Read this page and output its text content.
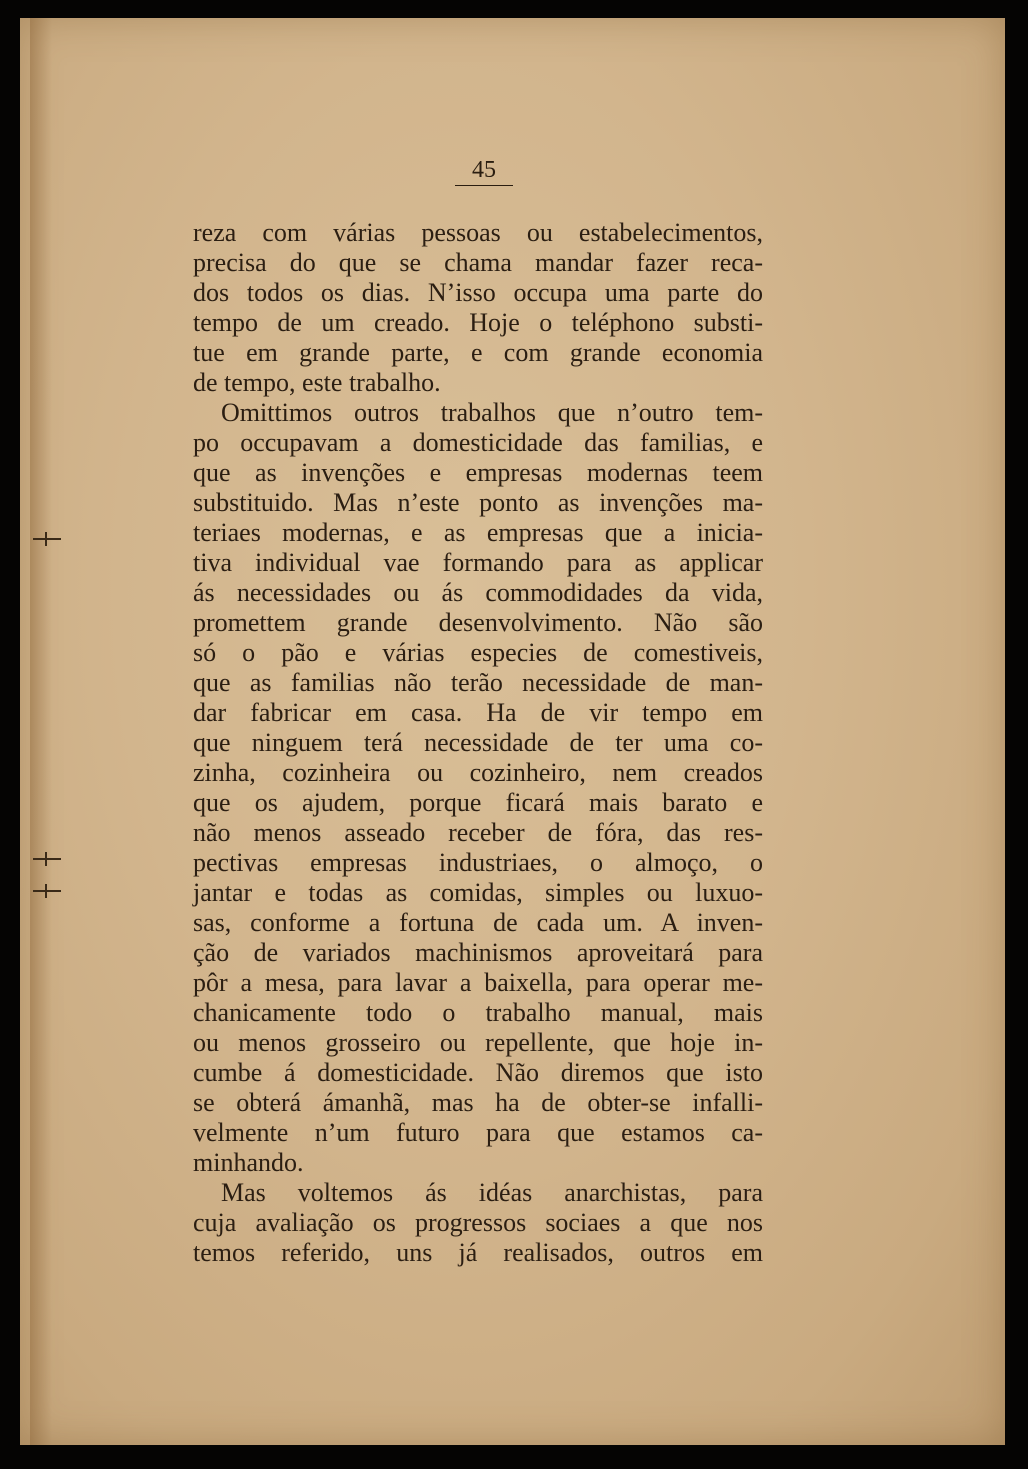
45
reza com várias pessoas ou estabelecimentos,
precisa do que se chama mandar fazer reca-
dos todos os dias. N’isso occupa uma parte do
tempo de um creado. Hoje o teléphono substi-
tue em grande parte, e com grande economia
de tempo, este trabalho.
Omittimos outros trabalhos que n’outro tem-
po occupavam a domesticidade das familias, e
que as invenções e empresas modernas teem
substituido. Mas n’este ponto as invenções ma-
teriaes modernas, e as empresas que a inicia-
tiva individual vae formando para as applicar
ás necessidades ou ás commodidades da vida,
promettem grande desenvolvimento. Não são
só o pão e várias especies de comestiveis,
que as familias não terão necessidade de man-
dar fabricar em casa. Ha de vir tempo em
que ninguem terá necessidade de ter uma co-
zinha, cozinheira ou cozinheiro, nem creados
que os ajudem, porque ficará mais barato e
não menos asseado receber de fóra, das res-
pectivas empresas industriaes, o almoço, o
jantar e todas as comidas, simples ou luxuo-
sas, conforme a fortuna de cada um. A inven-
ção de variados machinismos aproveitará para
pôr a mesa, para lavar a baixella, para operar me-
chanicamente todo o trabalho manual, mais
ou menos grosseiro ou repellente, que hoje in-
cumbe á domesticidade. Não diremos que isto
se obterá ámanhã, mas ha de obter-se infalli-
velmente n’um futuro para que estamos ca-
minhando.
Mas voltemos ás idéas anarchistas, para
cuja avaliação os progressos sociaes a que nos
temos referido, uns já realisados, outros em
